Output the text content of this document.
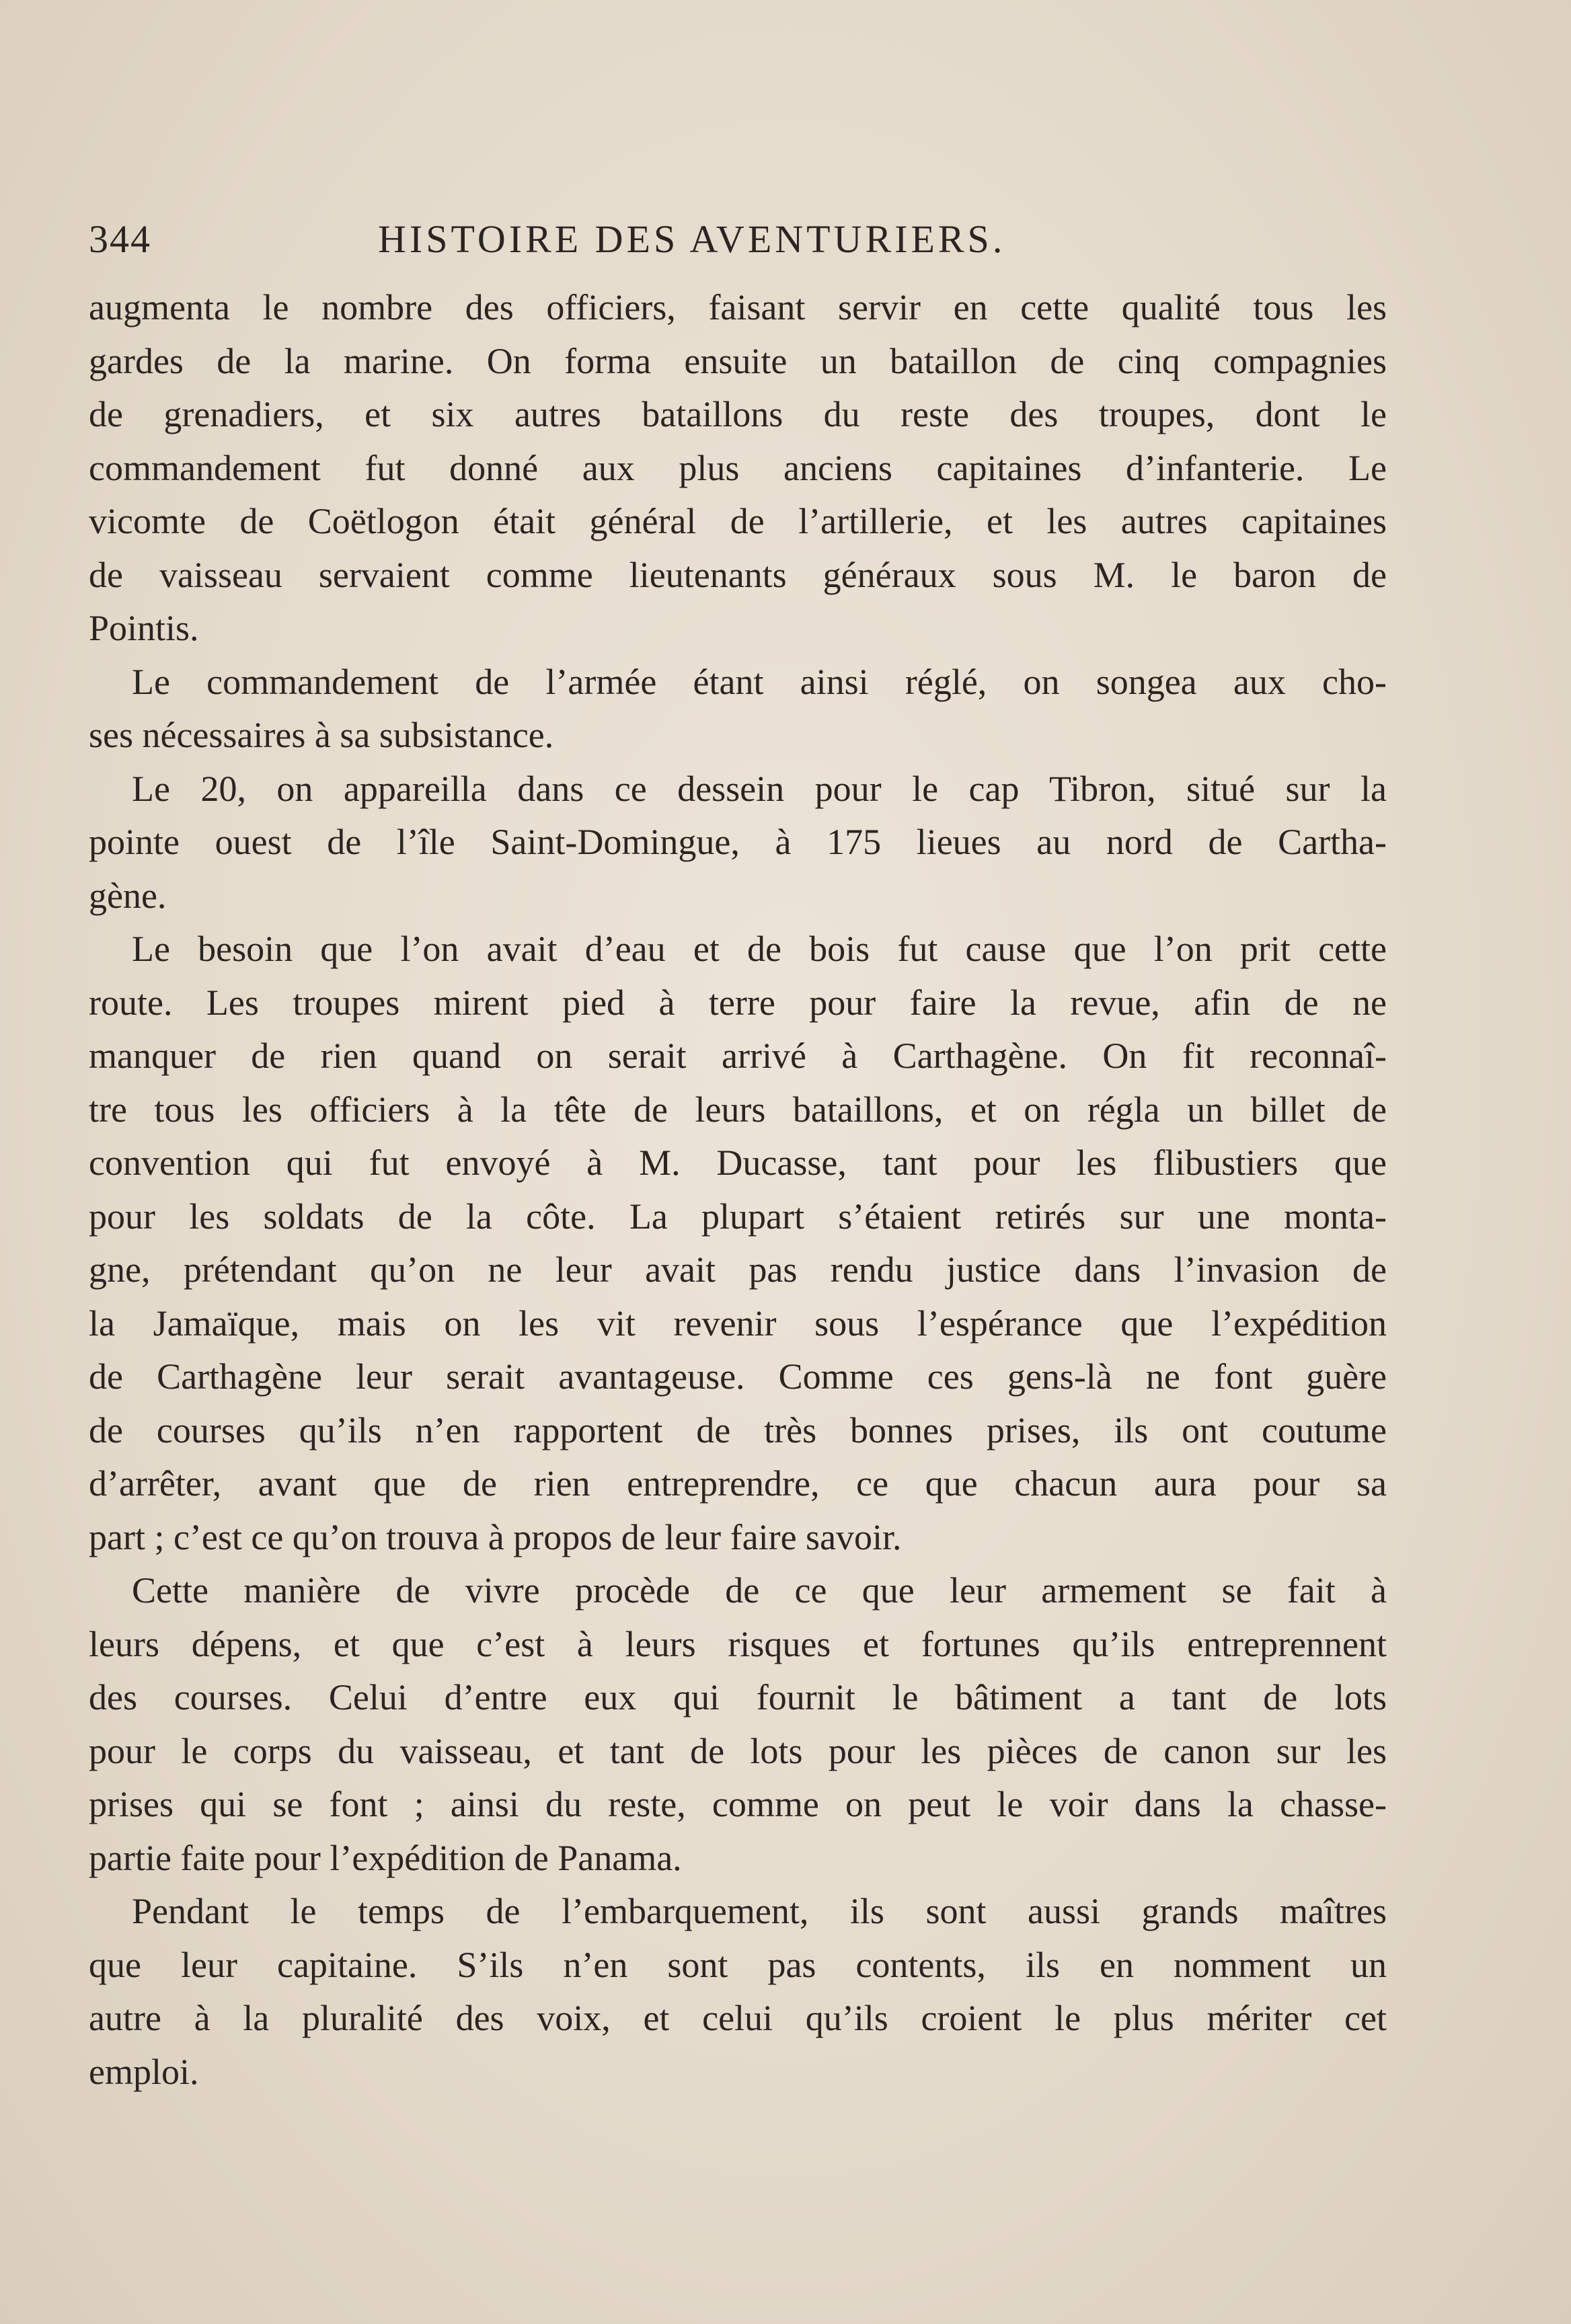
344	HISTOIRE DES AVENTURIERS.
augmenta le nombre des officiers, faisant servir en cette qualité tous les
gardes de la marine. On forma ensuite un bataillon de cinq compagnies
de grenadiers, et six autres bataillons du reste des troupes, dont le
commandement fut donné aux plus anciens capitaines d’infanterie. Le
vicomte de Coëtlogon était général de l’artillerie, et les autres capitaines
de vaisseau servaient comme lieutenants généraux sous M. le baron de
Pointis.
Le commandement de l’armée étant ainsi réglé, on songea aux cho-
ses nécessaires à sa subsistance.
Le 20, on appareilla dans ce dessein pour le cap Tibron, situé sur la
pointe ouest de l’île Saint-Domingue, à 175 lieues au nord de Cartha-
gène.
Le besoin que l’on avait d’eau et de bois fut cause que l’on prit cette
route. Les troupes mirent pied à terre pour faire la revue, afin de ne
manquer de rien quand on serait arrivé à Carthagène. On fit reconnaî-
tre tous les officiers à la tête de leurs bataillons, et on régla un billet de
convention qui fut envoyé à M. Ducasse, tant pour les flibustiers que
pour les soldats de la côte. La plupart s’étaient retirés sur une monta-
gne, prétendant qu’on ne leur avait pas rendu justice dans l’invasion de
la Jamaïque, mais on les vit revenir sous l’espérance que l’expédition
de Carthagène leur serait avantageuse. Comme ces gens-là ne font guère
de courses qu’ils n’en rapportent de très bonnes prises, ils ont coutume
d’arrêter, avant que de rien entreprendre, ce que chacun aura pour sa
part ; c’est ce qu’on trouva à propos de leur faire savoir.
Cette manière de vivre procède de ce que leur armement se fait à
leurs dépens, et que c’est à leurs risques et fortunes qu’ils entreprennent
des courses. Celui d’entre eux qui fournit le bâtiment a tant de lots
pour le corps du vaisseau, et tant de lots pour les pièces de canon sur les
prises qui se font ; ainsi du reste, comme on peut le voir dans la chasse-
partie faite pour l’expédition de Panama.
Pendant le temps de l’embarquement, ils sont aussi grands maîtres
que leur capitaine. S’ils n’en sont pas contents, ils en nomment un
autre à la pluralité des voix, et celui qu’ils croient le plus mériter cet
emploi.
